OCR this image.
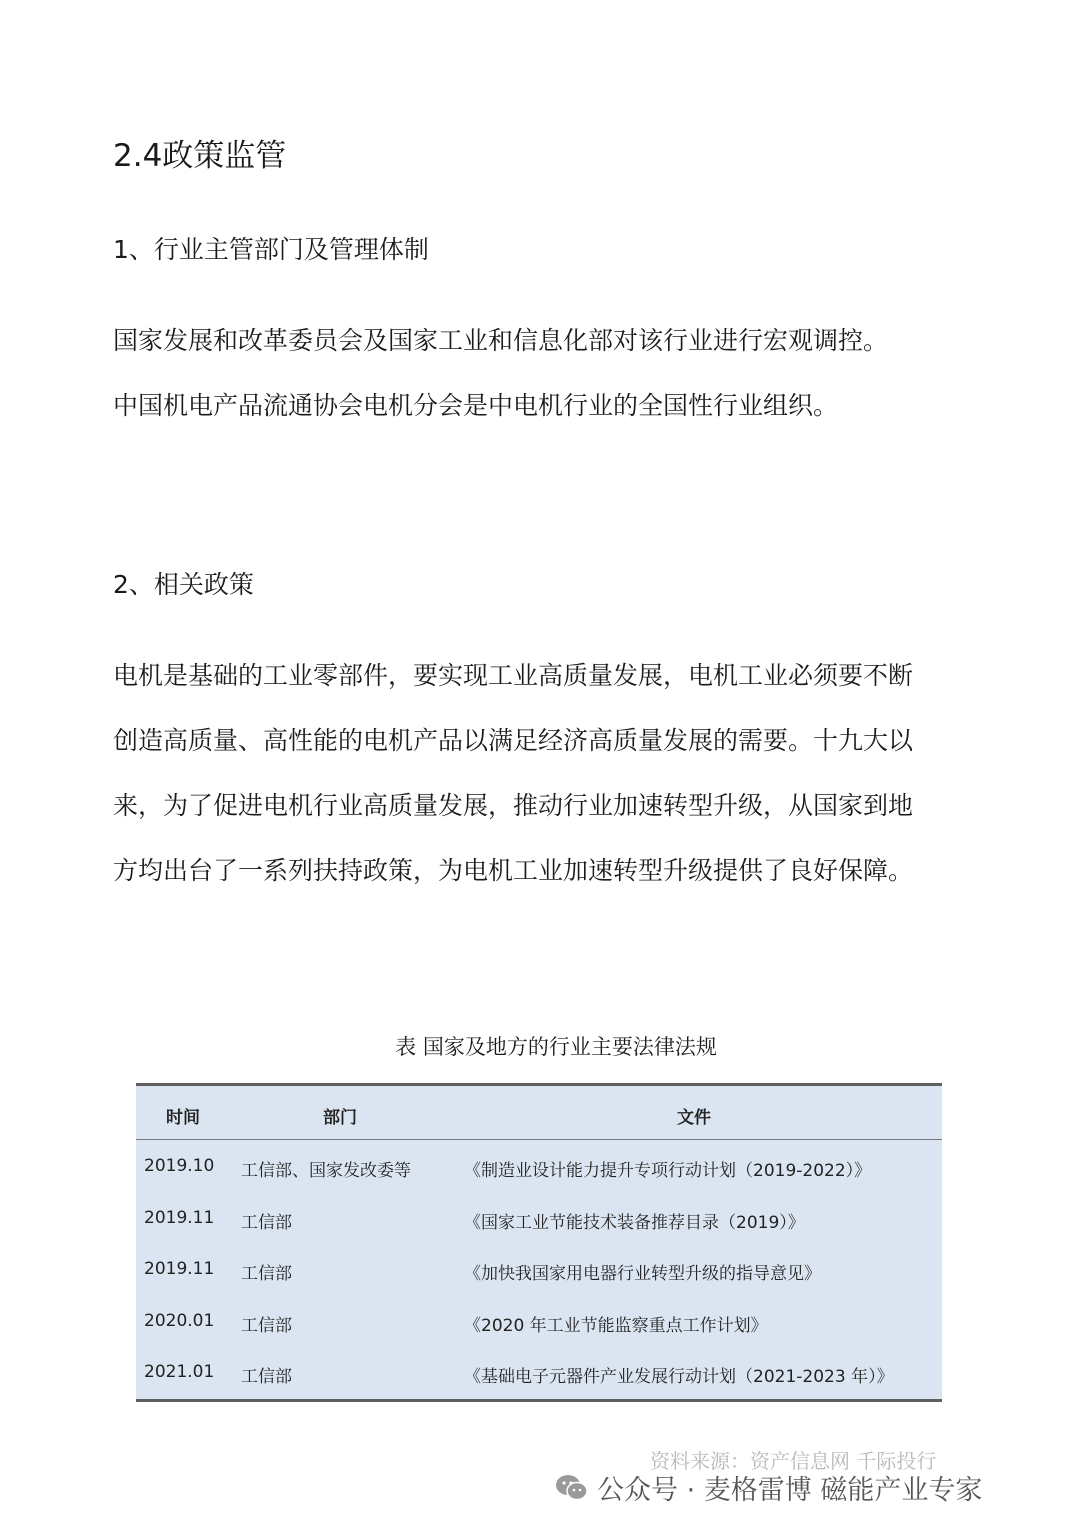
2.4政策监管
1、行业主管部门及管理体制
国家发展和改革委员会及国家工业和信息化部对该行业进行宏观调控。
中国机电产品流通协会电机分会是中电机行业的全国性行业组织。
2、相关政策
电机是基础的工业零部件，要实现工业高质量发展，电机工业必须要不断
创造高质量、高性能的电机产品以满足经济高质量发展的需要。十九大以
来，为了促进电机行业高质量发展，推动行业加速转型升级，从国家到地
方均出台了一系列扶持政策，为电机工业加速转型升级提供了良好保障。
表 国家及地方的行业主要法律法规
时间	部门	文件
2019.10 工信部、国家发改委等	《制造业设计能力提升专项行动计划（2019-2022）》
2019.11 工信部	《国家工业节能技术装备推荐目录（2019）》
2019.11 工信部	《加快我国家用电器行业转型升级的指导意见》
2020.01 工信部	《2020 年工业节能监察重点工作计划》
2021.01 工信部	《基础电子元器件产业发展行动计划（2021-2023 年）》
资料来源：资产信息网 千际投行
公众号 · 麦格雷博 磁能产业专家
